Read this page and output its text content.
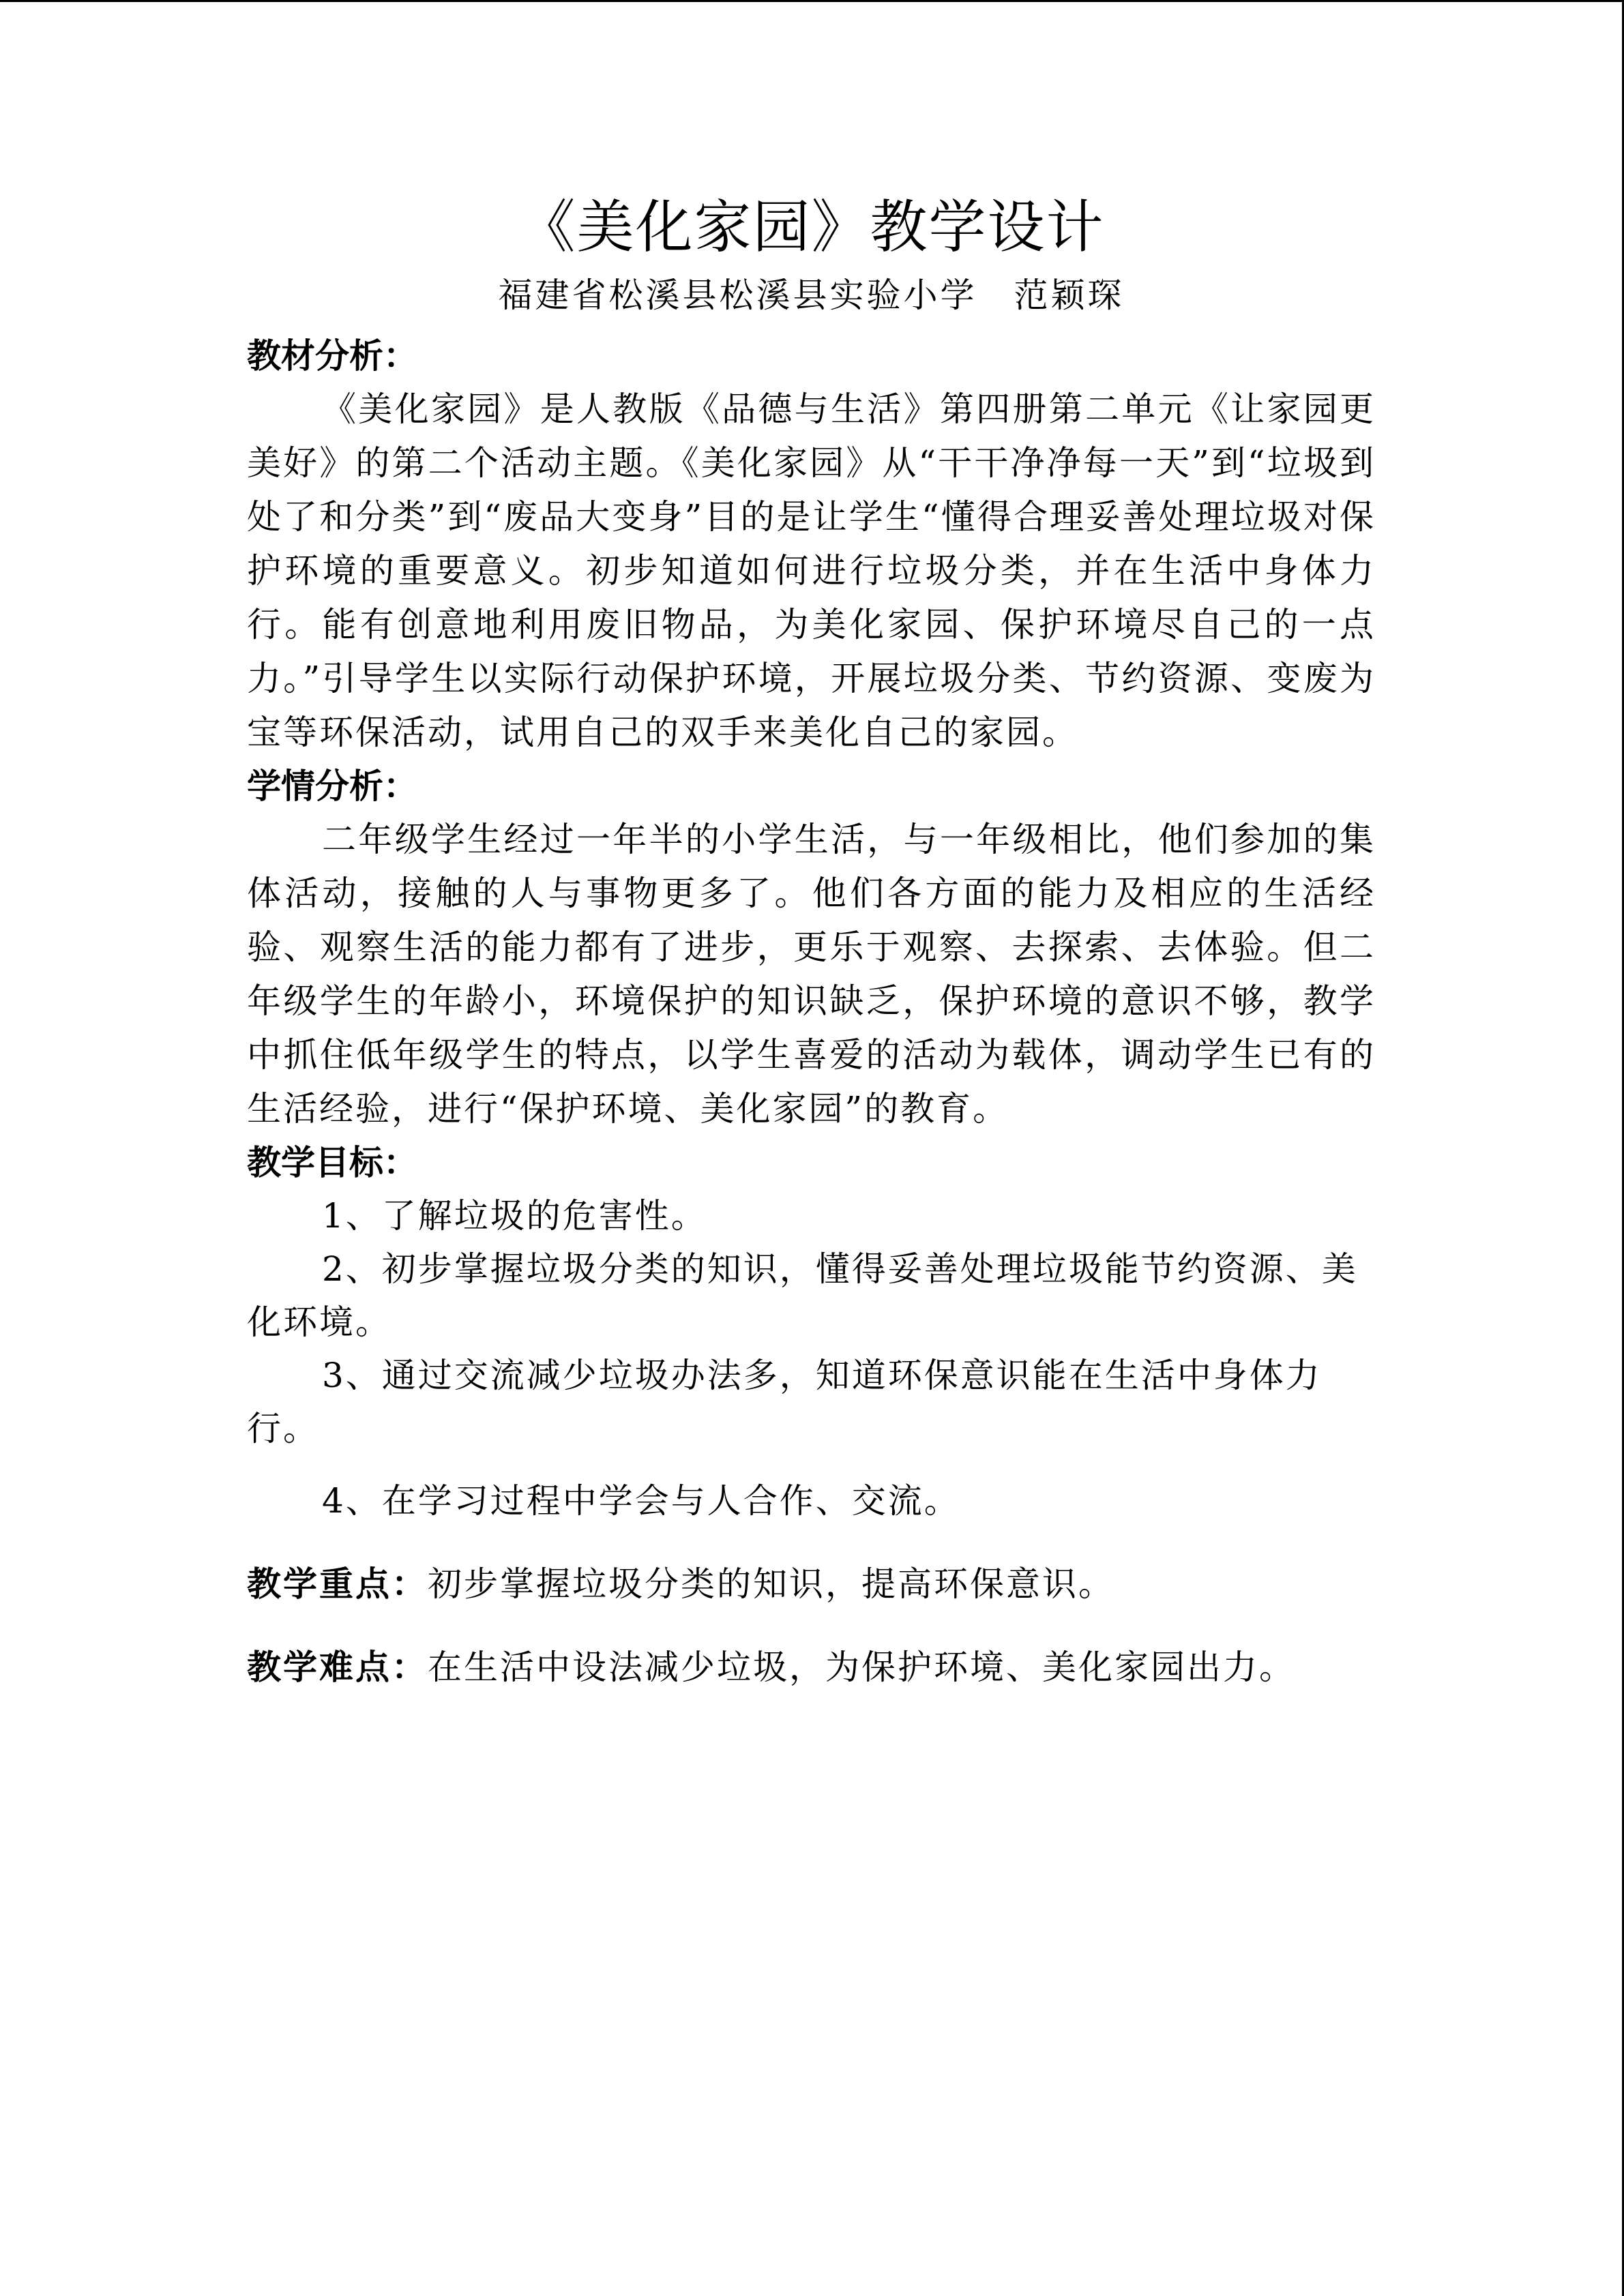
《美化家园》教学设计

福建省松溪县松溪县实验小学　范颖琛

教材分析：

《美化家园》是人教版《品德与生活》第四册第二单元《让家园更美好》的第二个活动主题。《美化家园》从“干干净净每一天”到“垃圾到处了和分类”到“废品大变身”目的是让学生“懂得合理妥善处理垃圾对保护环境的重要意义。初步知道如何进行垃圾分类，并在生活中身体力行。能有创意地利用废旧物品，为美化家园、保护环境尽自己的一点力。”引导学生以实际行动保护环境，开展垃圾分类、节约资源、变废为宝等环保活动，试用自己的双手来美化自己的家园。

学情分析：

二年级学生经过一年半的小学生活，与一年级相比，他们参加的集体活动，接触的人与事物更多了。他们各方面的能力及相应的生活经验、观察生活的能力都有了进步，更乐于观察、去探索、去体验。但二年级学生的年龄小，环境保护的知识缺乏，保护环境的意识不够，教学中抓住低年级学生的特点，以学生喜爱的活动为载体，调动学生已有的生活经验，进行“保护环境、美化家园”的教育。

教学目标：

1、了解垃圾的危害性。

2、初步掌握垃圾分类的知识，懂得妥善处理垃圾能节约资源、美化环境。

3、通过交流减少垃圾办法多，知道环保意识能在生活中身体力行。

4、在学习过程中学会与人合作、交流。

教学重点：初步掌握垃圾分类的知识，提高环保意识。

教学难点：在生活中设法减少垃圾，为保护环境、美化家园出力。
